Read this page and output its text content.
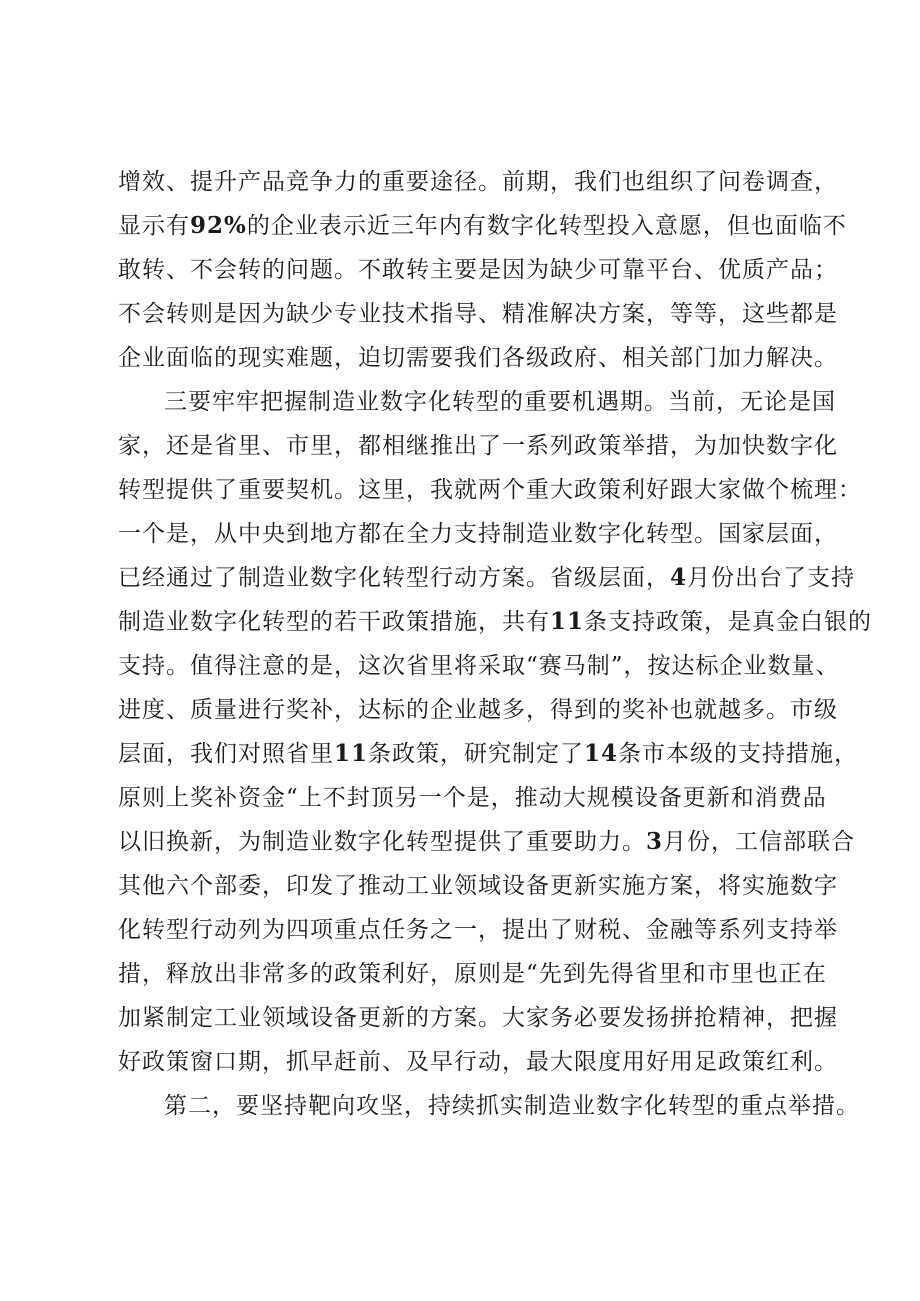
增效、提升产品竞争力的重要途径。前期，我们也组织了问卷调查，
显示有92%的企业表示近三年内有数字化转型投入意愿，但也面临不
敢转、不会转的问题。不敢转主要是因为缺少可靠平台、优质产品；
不会转则是因为缺少专业技术指导、精准解决方案，等等，这些都是
企业面临的现实难题，迫切需要我们各级政府、相关部门加力解决。
三要牢牢把握制造业数字化转型的重要机遇期。当前，无论是国
家，还是省里、市里，都相继推出了一系列政策举措，为加快数字化
转型提供了重要契机。这里，我就两个重大政策利好跟大家做个梳理：
一个是，从中央到地方都在全力支持制造业数字化转型。国家层面，
已经通过了制造业数字化转型行动方案。省级层面，4月份出台了支持
制造业数字化转型的若干政策措施，共有11条支持政策，是真金白银的
支持。值得注意的是，这次省里将采取“赛马制”，按达标企业数量、
进度、质量进行奖补，达标的企业越多，得到的奖补也就越多。市级
层面，我们对照省里11条政策，研究制定了14条市本级的支持措施，
原则上奖补资金“上不封顶另一个是，推动大规模设备更新和消费品
以旧换新，为制造业数字化转型提供了重要助力。3月份，工信部联合
其他六个部委，印发了推动工业领域设备更新实施方案，将实施数字
化转型行动列为四项重点任务之一，提出了财税、金融等系列支持举
措，释放出非常多的政策利好，原则是“先到先得省里和市里也正在
加紧制定工业领域设备更新的方案。大家务必要发扬拼抢精神，把握
好政策窗口期，抓早赶前、及早行动，最大限度用好用足政策红利。
第二，要坚持靶向攻坚，持续抓实制造业数字化转型的重点举措。
